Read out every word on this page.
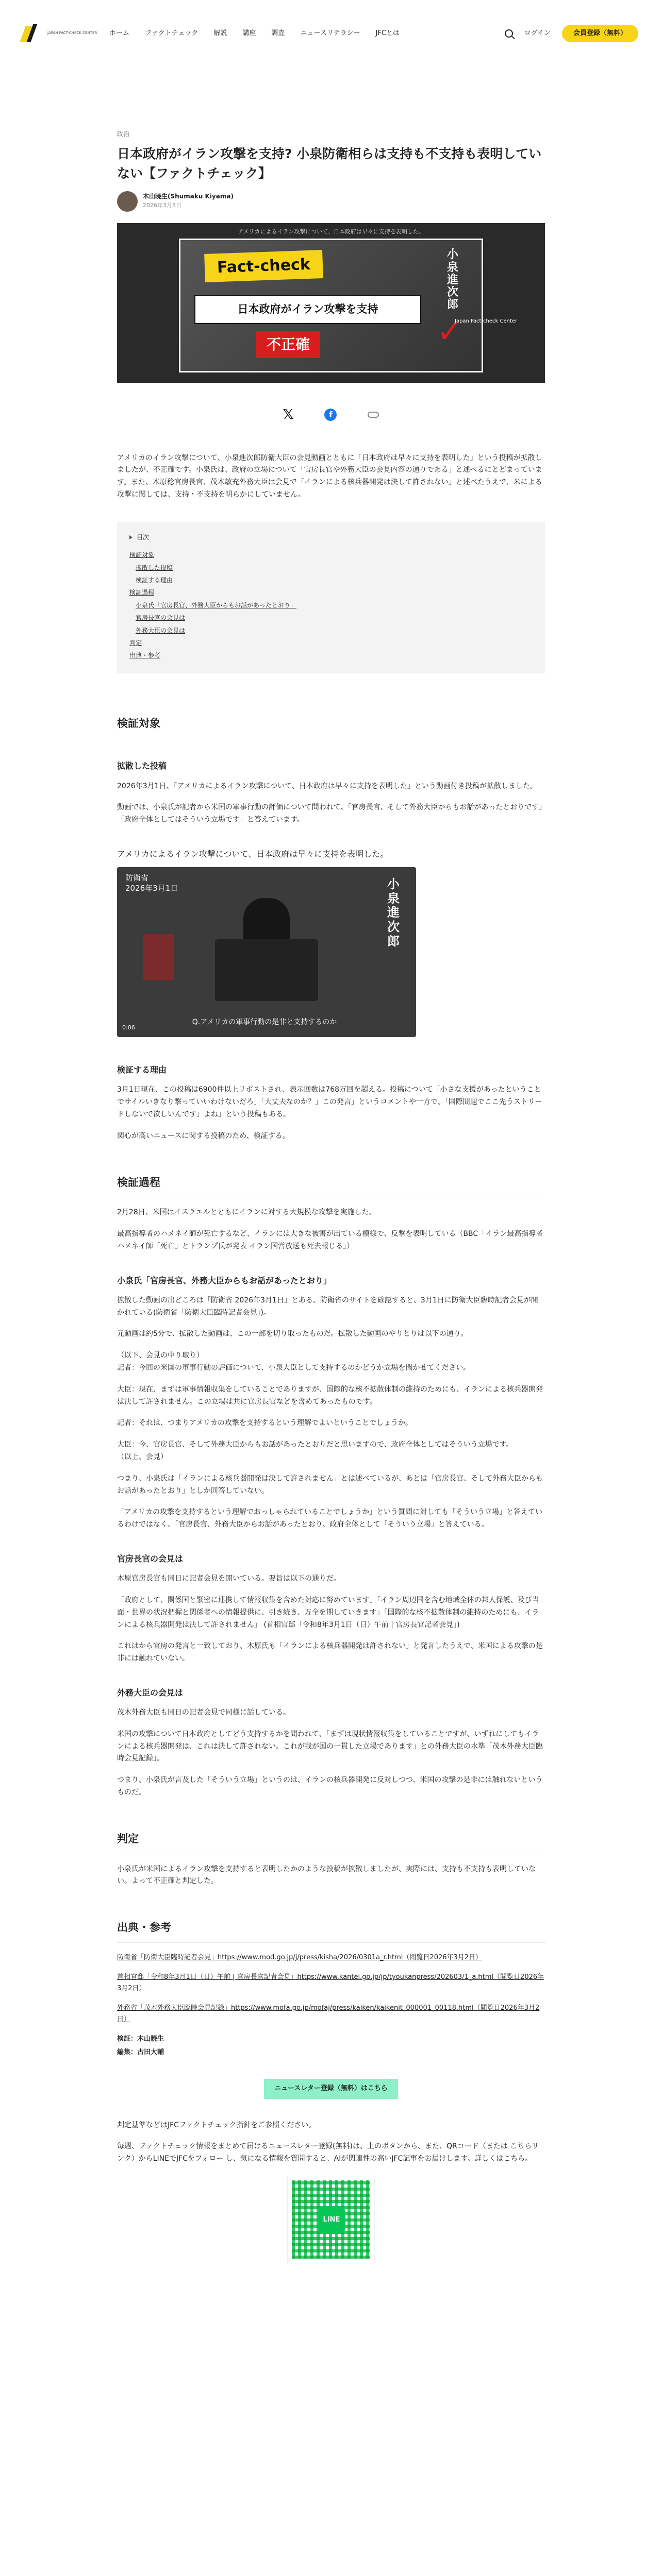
JAPAN FACT-CHECK CENTER ホーム ファクトチェック 解説 講座 調査 ニュースリテラシー JFCとは	ログイン	会員登録（無料）
政治
日本政府がイラン攻撃を支持? 小泉防衛相らは支持も不支持も表明していない【ファクトチェック】
木山暁生(Shumaku Kiyama)
2026年3月5日
アメリカによるイラン攻撃について、日本政府は早々に支持を表明した。
Fact-check
日本政府がイラン攻撃を支持
不正確
小泉進次郎
✓
Japan Fact-check Center
𝕏	f

アメリカのイラン攻撃について、小泉進次郎防衛大臣の会見動画とともに「日本政府は早々に支持を表明した」という投稿が拡散しましたが、不正確です。小泉氏は、政府の立場について「官房長官や外務大臣の会見内容の通りである」と述べるにとどまっています。また、木原稔官房長官、茂木敏充外務大臣は会見で「イランによる核兵器開発は決して許されない」と述べたうえで、米による攻撃に関しては、支持・不支持を明らかにしていません。

目次
検証対象
拡散した投稿
検証する理由
検証過程
小泉氏「官房長官、外務大臣からもお話があったとおり」
官房長官の会見は
外務大臣の会見は
判定
出典・参考
検証対象
拡散した投稿

2026年3月1日、「アメリカによるイラン攻撃について、日本政府は早々に支持を表明した」という動画付き投稿が拡散しました。

動画では、小泉氏が記者から米国の軍事行動の評価について問われて、「官房長官、そして外務大臣からもお話があったとおりです」「政府全体としてはそういう立場です」と答えています。

アメリカによるイラン攻撃について、日本政府は早々に支持を表明した。
防衛省
2026年3月1日	小泉進次郎
Q.アメリカの軍事行動の是非と支持するのか
0:06
検証する理由

3月1日現在、この投稿は6900件以上リポストされ、表示回数は768万回を超える。投稿について「小さな支援があったということでサイルいきなり撃っていいわけないだろ」「大丈夫なのか？」この発言」というコメントや一方で、「国際問題でここ先うストリードしないで欲しいんです」よね」という投稿もある。

関心が高いニュースに関する投稿のため、検証する。

検証過程

2月28日、米国はイスラエルとともにイランに対する大規模な攻撃を実施した。

最高指導者のハメネイ師が死亡するなど、イランには大きな被害が出ている模様で、反撃を表明している（BBC「イラン最高指導者ハメネイ師「死亡」とトランプ氏が発表 イラン国営放送も死去報じる」）

小泉氏「官房長官、外務大臣からもお話があったとおり」

拡散した動画の出どころは「防衛省 2026年3月1日」とある。防衛省のサイトを確認すると、3月1日に防衛大臣臨時記者会見が開かれている(防衛省「防衛大臣臨時記者会見」)。

元動画は約5分で、拡散した動画は、この一部を切り取ったものだ。拡散した動画のやりとりは以下の通り。

（以下、会見の中り取り）
記者：今回の米国の軍事行動の評価について、小泉大臣として支持するのかどうか立場を聞かせてください。

大臣：現在、まずは軍事情報収集をしていることでありますが、国際的な核不拡散体制の維持のためにも、イランによる核兵器開発は決して許されません。この立場は共に官房長官などを含めてあったものです。

記者：それは、つまりアメリカの攻撃を支持するという理解でよいということでしょうか。

大臣：今、官房長官、そして外務大臣からもお話があったとおりだと思いますので、政府全体としてはそういう立場です。
（以上、会見）

つまり、小泉氏は「イランによる核兵器開発は決して許されません」とは述べているが、あとは「官房長官、そして外務大臣からもお話があったとおり」としか回答していない。

「アメリカの攻撃を支持するという理解でおっしゃられていることでしょうか」という質問に対しても「そういう立場」と答えているわけではなく、「官房長官、外務大臣からお話があったとおり、政府全体として「そういう立場」と答えている。

官房長官の会見は

木原官房長官も同日に記者会見を開いている。要旨は以下の通りだ。

「政府として、関係国と緊密に連携して情報収集を含めた対応に努めています」「イラン周辺国を含む地域全体の邦人保護、及び当面・世界の状況把握と関係者への情報提供に、引き続き、万全を期していきます」「国際的な核不拡散体制の維持のためにも、イランによる核兵器開発は決して許されません」 (首相官邸「令和8年3月1日（日）午前 | 官房長官記者会見」)

これはから官房の発言と一致しており、木原氏も「イランによる核兵器開発は許されない」と発言したうえで、米国による攻撃の是非には触れていない。

外務大臣の会見は

茂木外務大臣も同日の記者会見で同様に話している。

米国の攻撃について日本政府としてどう支持するかを問われて、「まずは現状情報収集をしていることですが、いずれにしてもイランによる核兵器開発は、これは決して許されない。これが我が国の一貫した立場であります」との外務大臣の水準「茂木外務大臣臨時会見記録」。

つまり、小泉氏が言及した「そういう立場」というのは、イランの核兵器開発に反対しつつ、米国の攻撃の是非には触れないというものだ。

判定

小泉氏が米国によるイラン攻撃を支持すると表明したかのような投稿が拡散しましたが、実際には、支持も不支持も表明していない。よって不正確と判定した。

出典・参考

防衛省「防衛大臣臨時記者会見」https://www.mod.go.jp/j/press/kisha/2026/0301a_r.html（閲覧日2026年3月2日）

首相官邸「令和8年3月1日（日）午前 | 官房長官記者会見」https://www.kantei.go.jp/jp/tyoukanpress/202603/1_a.html（閲覧日2026年3月2日）

外務省「茂木外務大臣臨時会見記録」https://www.mofa.go.jp/mofaj/press/kaiken/kaikenit_000001_00118.html（閲覧日2026年3月2日）

検証：木山暁生
編集：古田大輔
ニュースレター登録（無料）はこちら

判定基準などはJFCファクトチェック指針をご参照ください。

毎週、ファクトチェック情報をまとめて届けるニュースレター登録(無料)は、上のボタンから、また、QRコード（または こちらリンク）からLINEでJFCをフォロー し、気になる情報を質問すると、AIが関連性の高いJFC記事をお届けします。詳しくはこちら。

LINE
